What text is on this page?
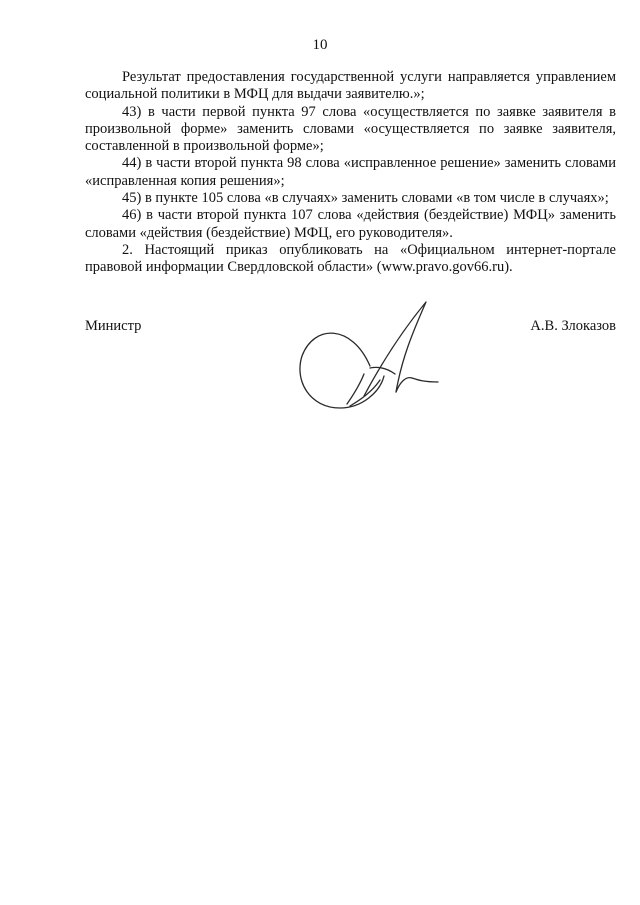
10

Результат предоставления государственной услуги направляется управлением социальной политики в МФЦ для выдачи заявителю.»;

43) в части первой пункта 97 слова «осуществляется по заявке заявителя в произвольной форме» заменить словами «осуществляется по заявке заявителя, составленной в произвольной форме»;

44) в части второй пункта 98 слова «исправленное решение» заменить словами «исправленная копия решения»;

45) в пункте 105 слова «в случаях» заменить словами «в том числе в случаях»;

46) в части второй пункта 107 слова «действия (бездействие) МФЦ» заменить словами «действия (бездействие) МФЦ, его руководителя».

2. Настоящий приказ опубликовать на «Официальном интернет-портале правовой информации Свердловской области» (www.pravo.gov66.ru).

Министр	А.В. Злоказов
